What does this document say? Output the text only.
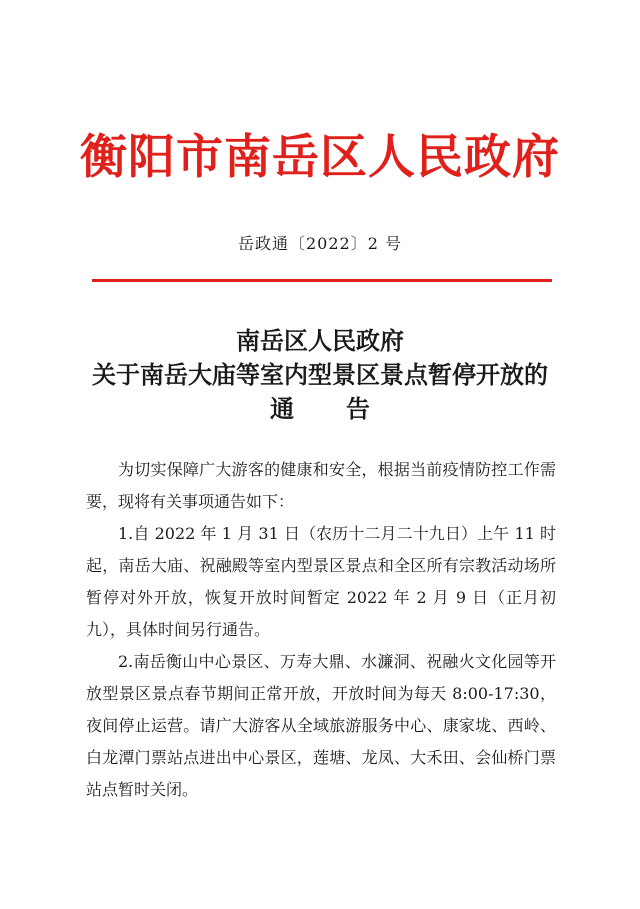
衡阳市南岳区人民政府
岳政通〔2022〕2 号
南岳区人民政府
关于南岳大庙等室内型景区景点暂停开放的
通告

为切实保障广大游客的健康和安全，根据当前疫情防控工作需要，现将有关事项通告如下：

1.自 2022 年 1 月 31 日（农历十二月二十九日）上午 11 时起，南岳大庙、祝融殿等室内型景区景点和全区所有宗教活动场所暂停对外开放，恢复开放时间暂定 2022 年 2 月 9 日（正月初九），具体时间另行通告。

2.南岳衡山中心景区、万寿大鼎、水濂洞、祝融火文化园等开放型景区景点春节期间正常开放，开放时间为每天 8:00-17:30，夜间停止运营。请广大游客从全域旅游服务中心、康家垅、西岭、白龙潭门票站点进出中心景区，莲塘、龙凤、大禾田、会仙桥门票站点暂时关闭。
